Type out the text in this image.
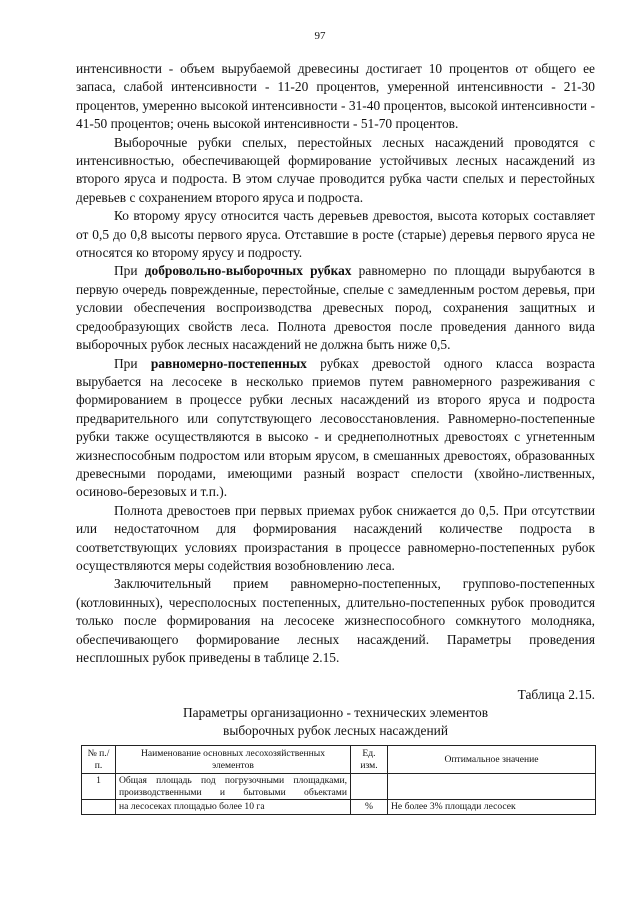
97

интенсивности - объем вырубаемой древесины достигает 10 процентов от общего ее запаса, слабой интенсивности - 11-20 процентов, умеренной интенсивности - 21-30 процентов, умеренно высокой интенсивности - 31-40 процентов, высокой интенсивности - 41-50 процентов; очень высокой интенсивности - 51-70 процентов.

Выборочные рубки спелых, перестойных лесных насаждений проводятся с интенсивностью, обеспечивающей формирование устойчивых лесных насаждений из второго яруса и подроста. В этом случае проводится рубка части спелых и перестойных деревьев с сохранением второго яруса и подроста.

Ко второму ярусу относится часть деревьев древостоя, высота которых составляет от 0,5 до 0,8 высоты первого яруса. Отставшие в росте (старые) деревья первого яруса не относятся ко второму ярусу и подросту.

При добровольно-выборочных рубках равномерно по площади вырубаются в первую очередь поврежденные, перестойные, спелые с замедленным ростом деревья, при условии обеспечения воспроизводства древесных пород, сохранения защитных и средообразующих свойств леса. Полнота древостоя после проведения данного вида выборочных рубок лесных насаждений не должна быть ниже 0,5.

При равномерно-постепенных рубках древостой одного класса возраста вырубается на лесосеке в несколько приемов путем равномерного разреживания с формированием в процессе рубки лесных насаждений из второго яруса и подроста предварительного или сопутствующего лесовосстановления. Равномерно-постепенные рубки также осуществляются в высоко - и среднеполнотных древостоях с угнетенным жизнеспособным подростом или вторым ярусом, в смешанных древостоях, образованных древесными породами, имеющими разный возраст спелости (хвойно-лиственных, осиново-березовых и т.п.).

Полнота древостоев при первых приемах рубок снижается до 0,5. При отсутствии или недостаточном для формирования насаждений количестве подроста в соответствующих условиях произрастания в процессе равномерно-постепенных рубок осуществляются меры содействия возобновлению леса.

Заключительный прием равномерно-постепенных, группово-постепенных (котловинных), чересполосных постепенных, длительно-постепенных рубок проводится только после формирования на лесосеке жизнеспособного сомкнутого молодняка, обеспечивающего формирование лесных насаждений. Параметры проведения несплошных рубок приведены в таблице 2.15.

Таблица 2.15.
Параметры организационно - технических элементов
выборочных рубок лесных насаждений
№ п./п.	Наименование основных лесохозяйственных элементов	Ед. изм.	Оптимальное значение
1	Общая площадь под погрузочными площадками, производственными и бытовыми объектами		
	на лесосеках площадью более 10 га	%	Не более 3% площади лесосек
